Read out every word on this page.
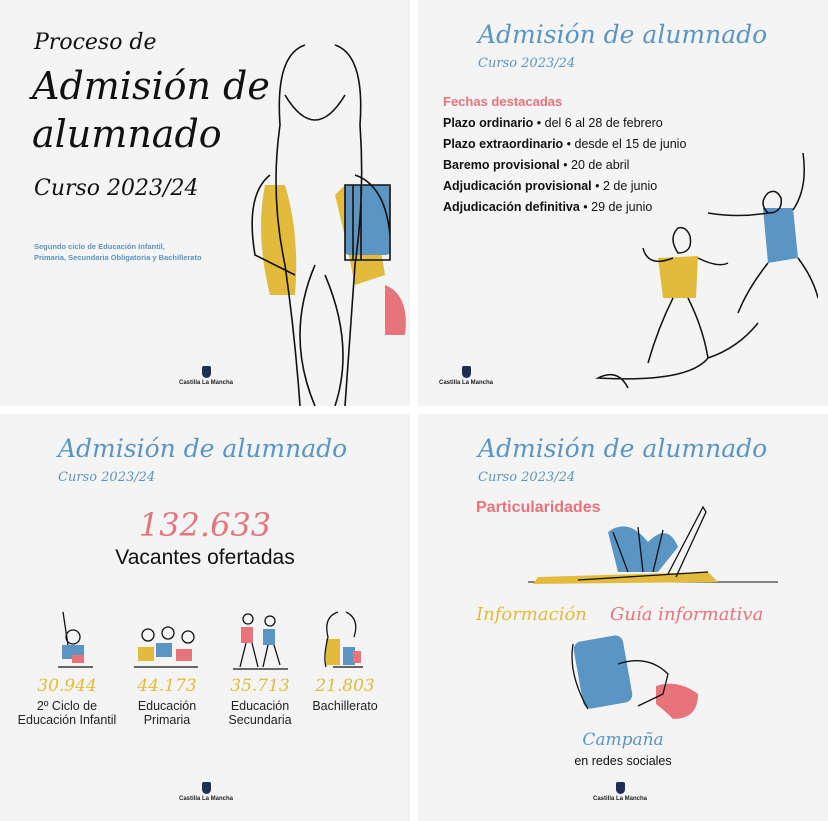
Proceso de
Admisión de
alumnado
Curso 2023/24
Segundo ciclo de Educación Infantil,
Primaria, Secundaria Obligatoria y Bachillerato
Castilla La Mancha
Admisión de alumnado
Curso 2023/24
Fechas destacadas
Plazo ordinario • del 6 al 28 de febrero
Plazo extraordinario • desde el 15 de junio
Baremo provisional • 20 de abril
Adjudicación provisional • 2 de junio
Adjudicación definitiva • 29 de junio
Castilla La Mancha
Admisión de alumnado
Curso 2023/24
132.633
Vacantes ofertadas
30.944
2º Ciclo de
Educación Infantil
44.173
Educación
Primaria
35.713
Educación
Secundaria
21.803
Bachillerato
Castilla La Mancha
Admisión de alumnado
Curso 2023/24
Particularidades
Información Guía informativa
Campaña
en redes sociales
Castilla La Mancha
